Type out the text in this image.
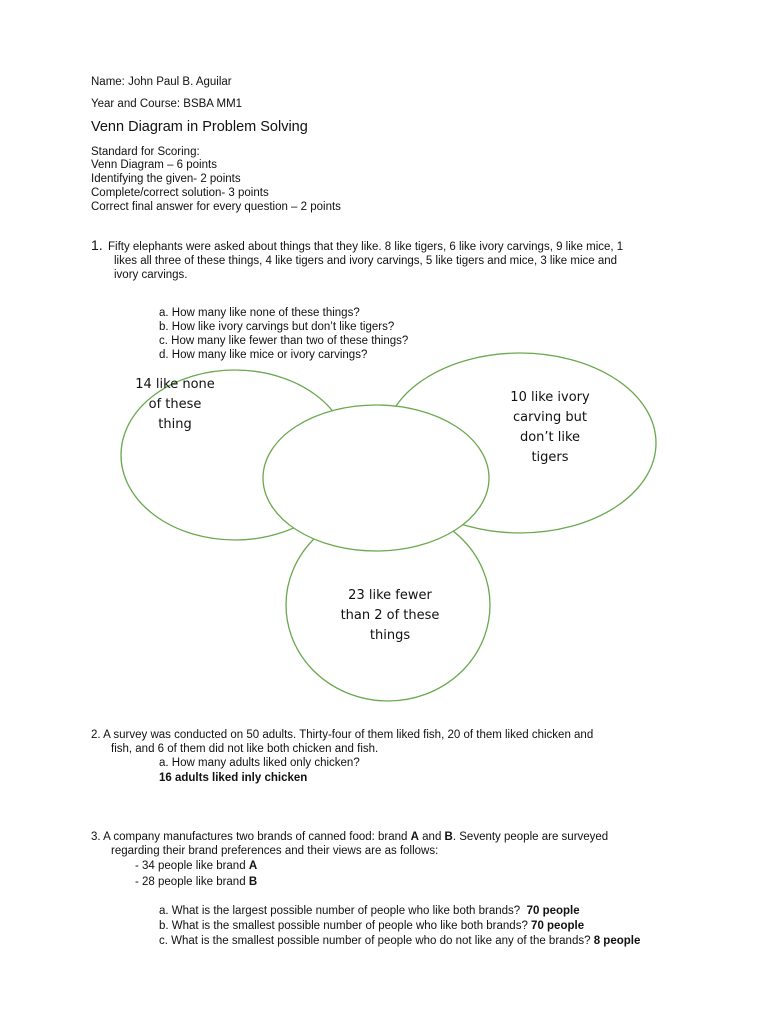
Name: John Paul B. Aguilar
Year and Course: BSBA MM1
Venn Diagram in Problem Solving
Standard for Scoring:
Venn Diagram – 6 points
Identifying the given- 2 points
Complete/correct solution- 3 points
Correct final answer for every question – 2 points
1. Fifty elephants were asked about things that they like. 8 like tigers, 6 like ivory carvings, 9 like mice, 1
likes all three of these things, 4 like tigers and ivory carvings, 5 like tigers and mice, 3 like mice and
ivory carvings.
a. How many like none of these things?
b. How like ivory carvings but don’t like tigers?
c. How many like fewer than two of these things?
d. How many like mice or ivory carvings?
14 like none
of these
thing
10 like ivory
carving but
don’t like
tigers
23 like fewer
than 2 of these
things
2. A survey was conducted on 50 adults. Thirty-four of them liked fish, 20 of them liked chicken and
fish, and 6 of them did not like both chicken and fish.
a. How many adults liked only chicken?
16 adults liked inly chicken
3. A company manufactures two brands of canned food: brand A and B. Seventy people are surveyed
regarding their brand preferences and their views are as follows:
- 34 people like brand A
- 28 people like brand B
a. What is the largest possible number of people who like both brands? 70 people
b. What is the smallest possible number of people who like both brands? 70 people
c. What is the smallest possible number of people who do not like any of the brands? 8 people
